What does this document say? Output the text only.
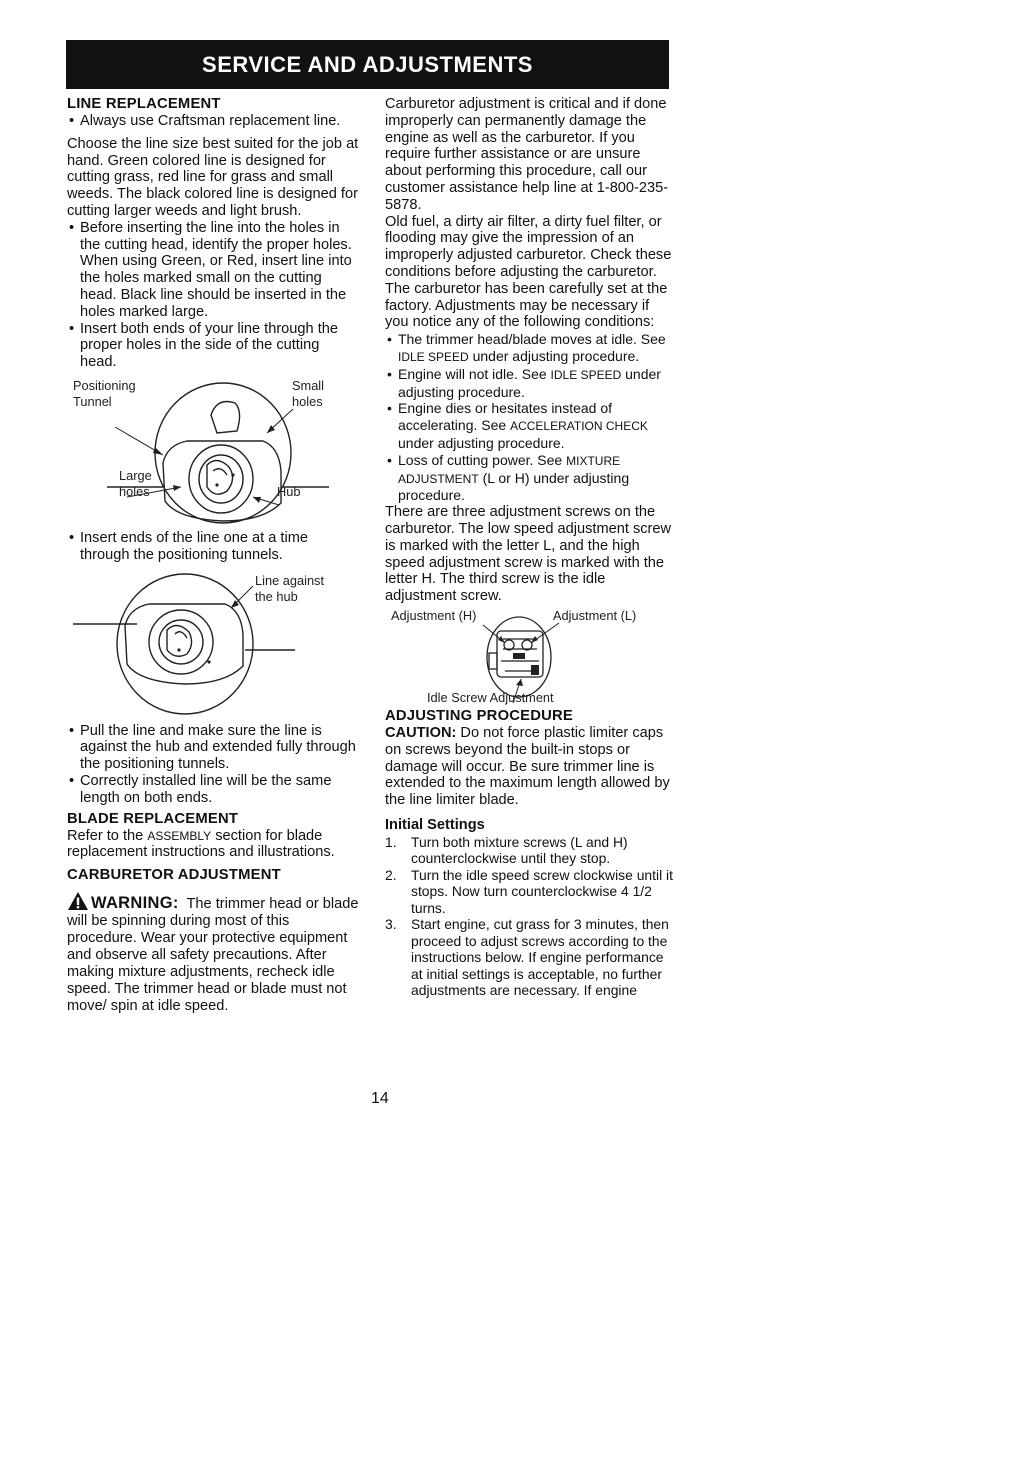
SERVICE AND ADJUSTMENTS
LINE REPLACEMENT

• Always use Craftsman replacement line.

Choose the line size best suited for the job at hand. Green colored line is designed for cutting grass, red line for grass and small weeds. The black colored line is designed for cutting larger weeds and light brush.

• Before inserting the line into the holes in the cutting head, identify the proper holes. When using Green, or Red, insert line into the holes marked small on the cutting head. Black line should be inserted in the holes marked large.

• Insert both ends of your line through the proper holes in the side of the cutting head.

Positioning
Tunnel
Small
holes
Large
holes	Hub

• Insert ends of the line one at a time through the positioning tunnels.

Line against
the hub

• Pull the line and make sure the line is against the hub and extended fully through the positioning tunnels.

• Correctly installed line will be the same length on both ends.

BLADE REPLACEMENT

Refer to the ASSEMBLY section for blade replacement instructions and illustrations.

CARBURETOR ADJUSTMENT

WARNING: The trimmer head or blade will be spinning during most of this procedure. Wear your protective equipment and observe all safety precautions. After making mixture adjustments, recheck idle speed. The trimmer head or blade must not move/ spin at idle speed.

Carburetor adjustment is critical and if done improperly can permanently damage the engine as well as the carburetor. If you require further assistance or are unsure about performing this procedure, call our customer assistance help line at 1-800-235-5878.

Old fuel, a dirty air filter, a dirty fuel filter, or flooding may give the impression of an improperly adjusted carburetor. Check these conditions before adjusting the carburetor.

The carburetor has been carefully set at the factory. Adjustments may be necessary if you notice any of the following conditions:

• The trimmer head/blade moves at idle. See IDLE SPEED under adjusting procedure.

• Engine will not idle. See IDLE SPEED under adjusting procedure.

• Engine dies or hesitates instead of accelerating. See ACCELERATION CHECK under adjusting procedure.

• Loss of cutting power. See MIXTURE ADJUSTMENT (L or H) under adjusting procedure.

There are three adjustment screws on the carburetor. The low speed adjustment screw is marked with the letter L, and the high speed adjustment screw is marked with the letter H. The third screw is the idle adjustment screw.

Adjustment (H)	Adjustment (L)
Idle Screw Adjustment
ADJUSTING PROCEDURE

CAUTION: Do not force plastic limiter caps on screws beyond the built-in stops or damage will occur. Be sure trimmer line is extended to the maximum length allowed by the line limiter blade.

Initial Settings

1. Turn both mixture screws (L and H) counterclockwise until they stop.
2. Turn the idle speed screw clockwise until it stops. Now turn counterclockwise 4 1/2 turns.
3. Start engine, cut grass for 3 minutes, then proceed to adjust screws according to the instructions below. If engine performance at initial settings is acceptable, no further adjustments are necessary. If engine
14
